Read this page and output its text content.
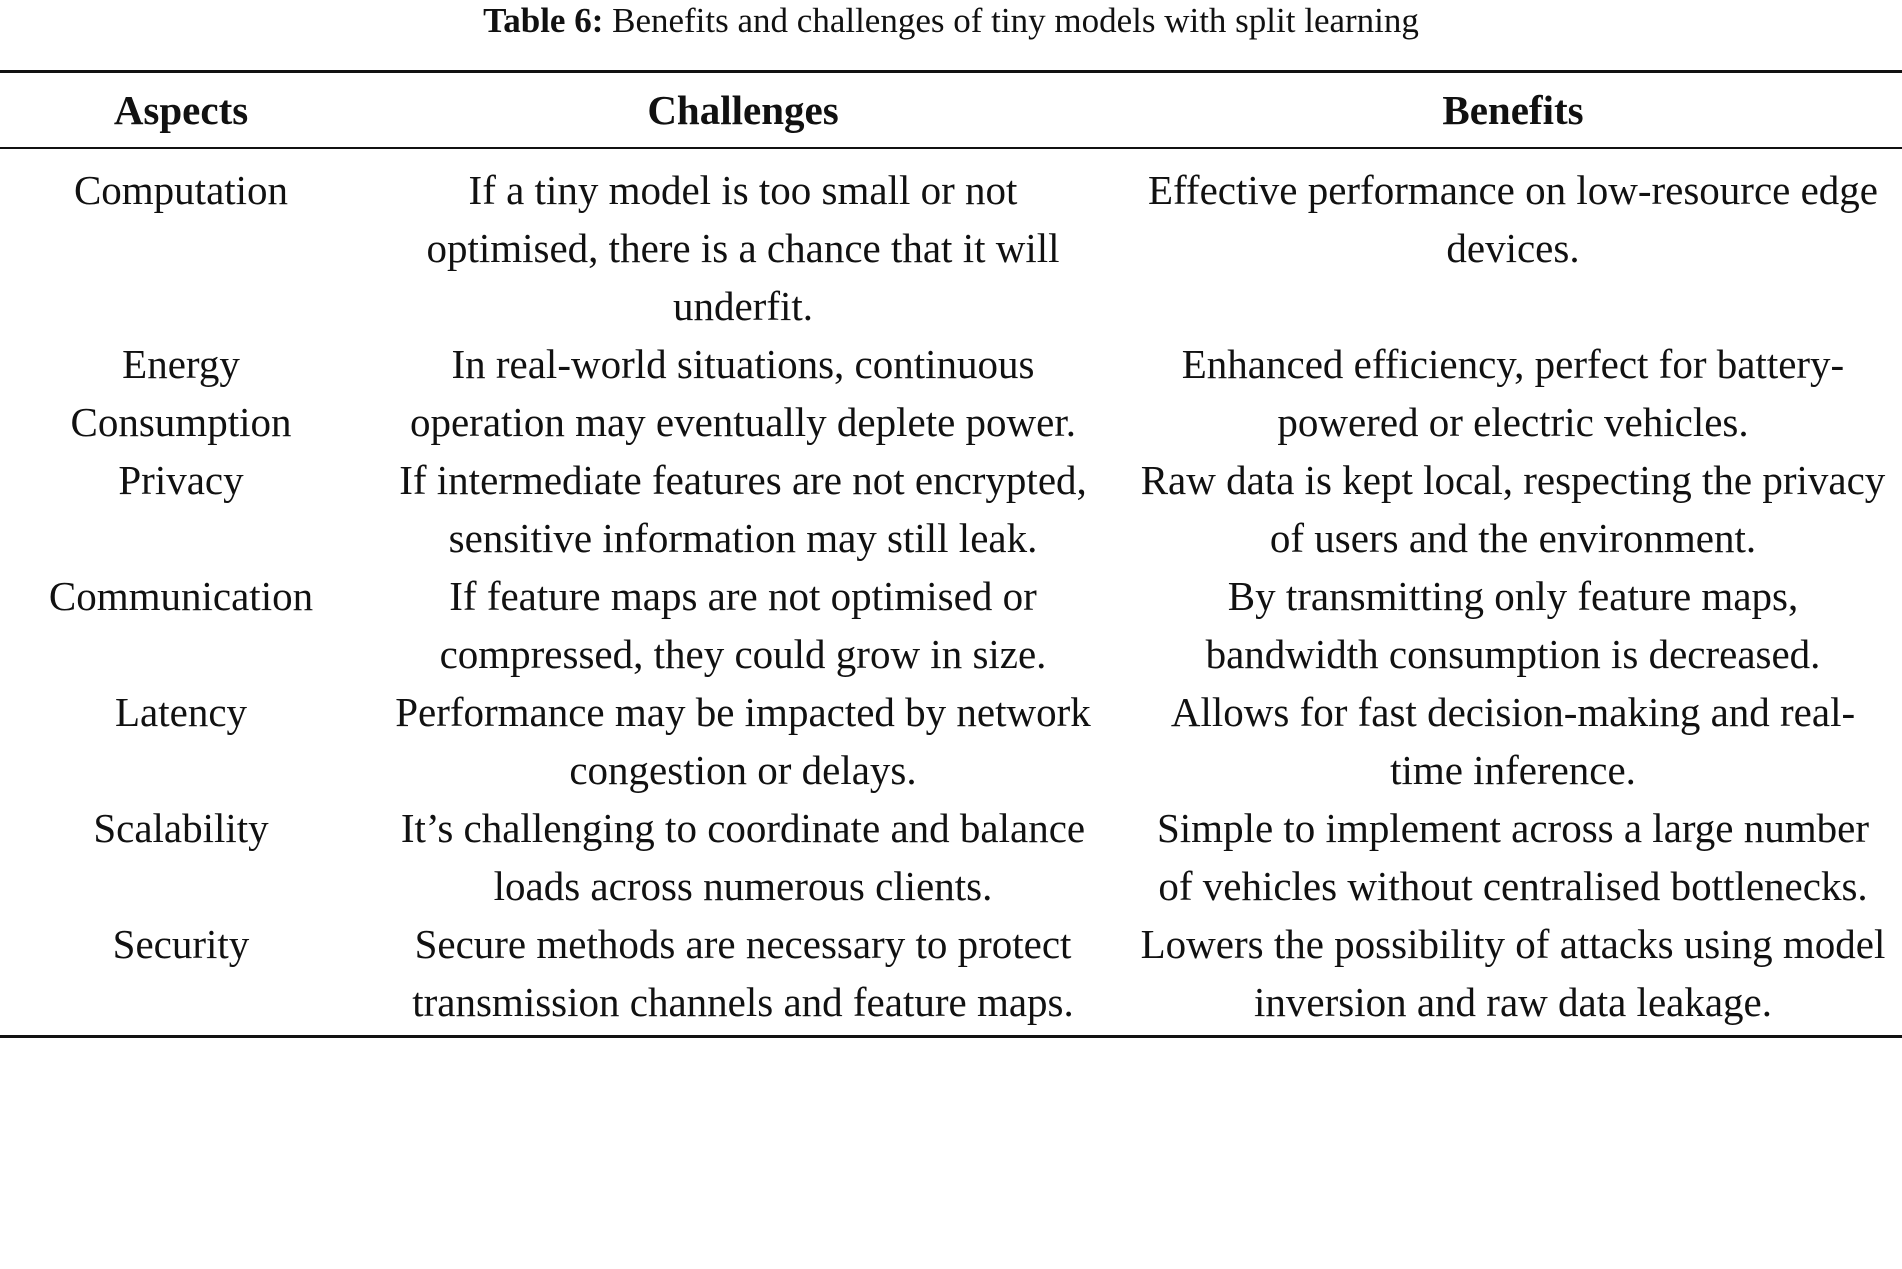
Table 6: Benefits and challenges of tiny models with split learning
Aspects	Challenges	Benefits
Computation	If a tiny model is too small or not optimised, there is a chance that it will underfit.	Effective performance on low-resource edge devices.
Energy Consumption	In real-world situations, continuous operation may eventually deplete power.	Enhanced efficiency, perfect for battery-powered or electric vehicles.
Privacy	If intermediate features are not encrypted, sensitive information may still leak.	Raw data is kept local, respecting the privacy of users and the environment.
Communication	If feature maps are not optimised or compressed, they could grow in size.	By transmitting only feature maps, bandwidth consumption is decreased.
Latency	Performance may be impacted by network congestion or delays.	Allows for fast decision-making and real-time inference.
Scalability	It’s challenging to coordinate and balance loads across numerous clients.	Simple to implement across a large number of vehicles without centralised bottlenecks.
Security	Secure methods are necessary to protect transmission channels and feature maps.	Lowers the possibility of attacks using model inversion and raw data leakage.
